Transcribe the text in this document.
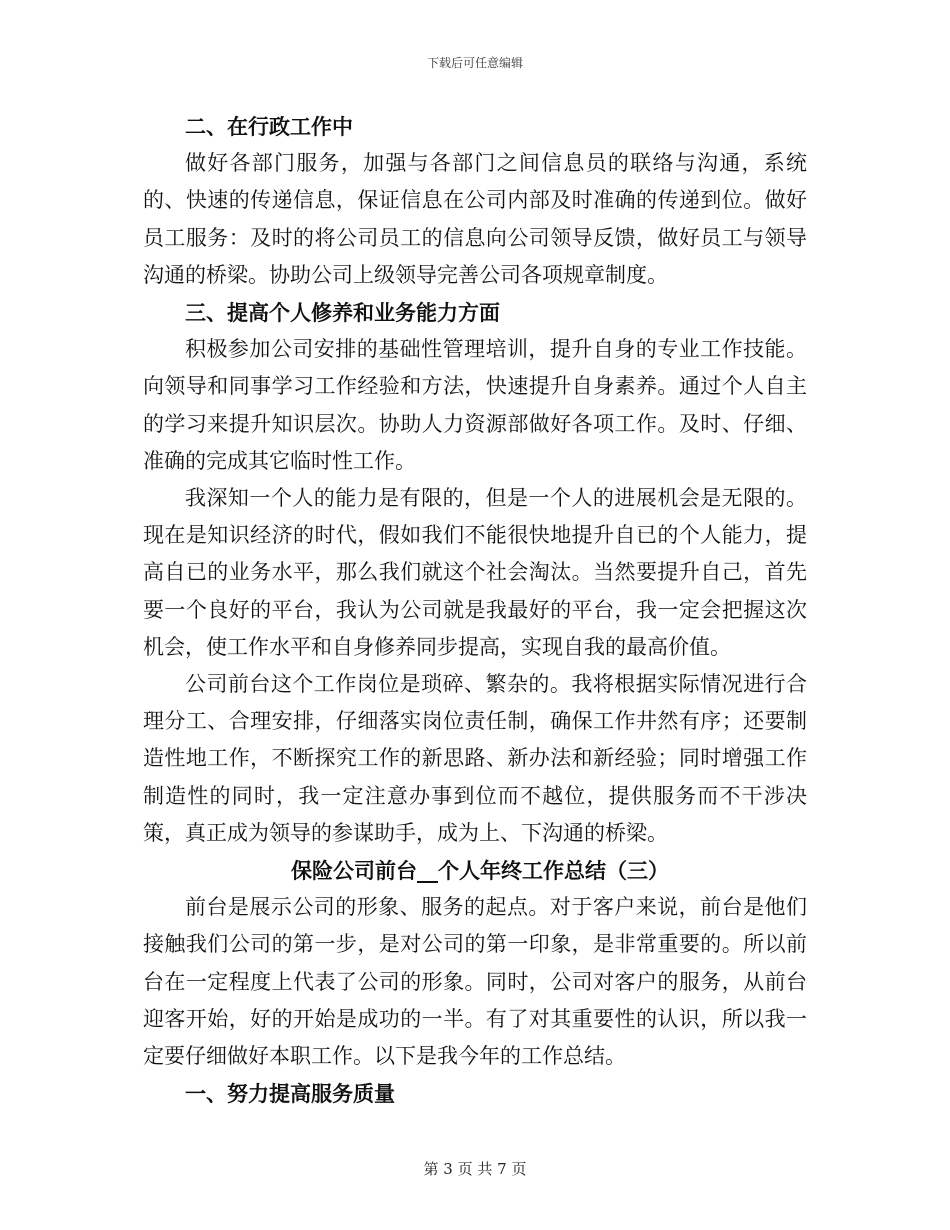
下载后可任意编辑
二、在行政工作中

做好各部门服务，加强与各部门之间信息员的联络与沟通，系统的、快速的传递信息，保证信息在公司内部及时准确的传递到位。做好员工服务：及时的将公司员工的信息向公司领导反馈，做好员工与领导沟通的桥梁。协助公司上级领导完善公司各项规章制度。

三、提高个人修养和业务能力方面

积极参加公司安排的基础性管理培训，提升自身的专业工作技能。向领导和同事学习工作经验和方法，快速提升自身素养。通过个人自主的学习来提升知识层次。协助人力资源部做好各项工作。及时、仔细、准确的完成其它临时性工作。

我深知一个人的能力是有限的，但是一个人的进展机会是无限的。现在是知识经济的时代，假如我们不能很快地提升自已的个人能力，提高自已的业务水平，那么我们就这个社会淘汰。当然要提升自己，首先要一个良好的平台，我认为公司就是我最好的平台，我一定会把握这次机会，使工作水平和自身修养同步提高，实现自我的最高价值。

公司前台这个工作岗位是琐碎、繁杂的。我将根据实际情况进行合理分工、合理安排，仔细落实岗位责任制，确保工作井然有序；还要制造性地工作，不断探究工作的新思路、新办法和新经验；同时增强工作制造性的同时，我一定注意办事到位而不越位，提供服务而不干涉决策，真正成为领导的参谋助手，成为上、下沟通的桥梁。

保险公司前台__个人年终工作总结（三）

前台是展示公司的形象、服务的起点。对于客户来说，前台是他们接触我们公司的第一步，是对公司的第一印象，是非常重要的。所以前台在一定程度上代表了公司的形象。同时，公司对客户的服务，从前台迎客开始，好的开始是成功的一半。有了对其重要性的认识，所以我一定要仔细做好本职工作。以下是我今年的工作总结。

一、努力提高服务质量
第 3 页 共 7 页
